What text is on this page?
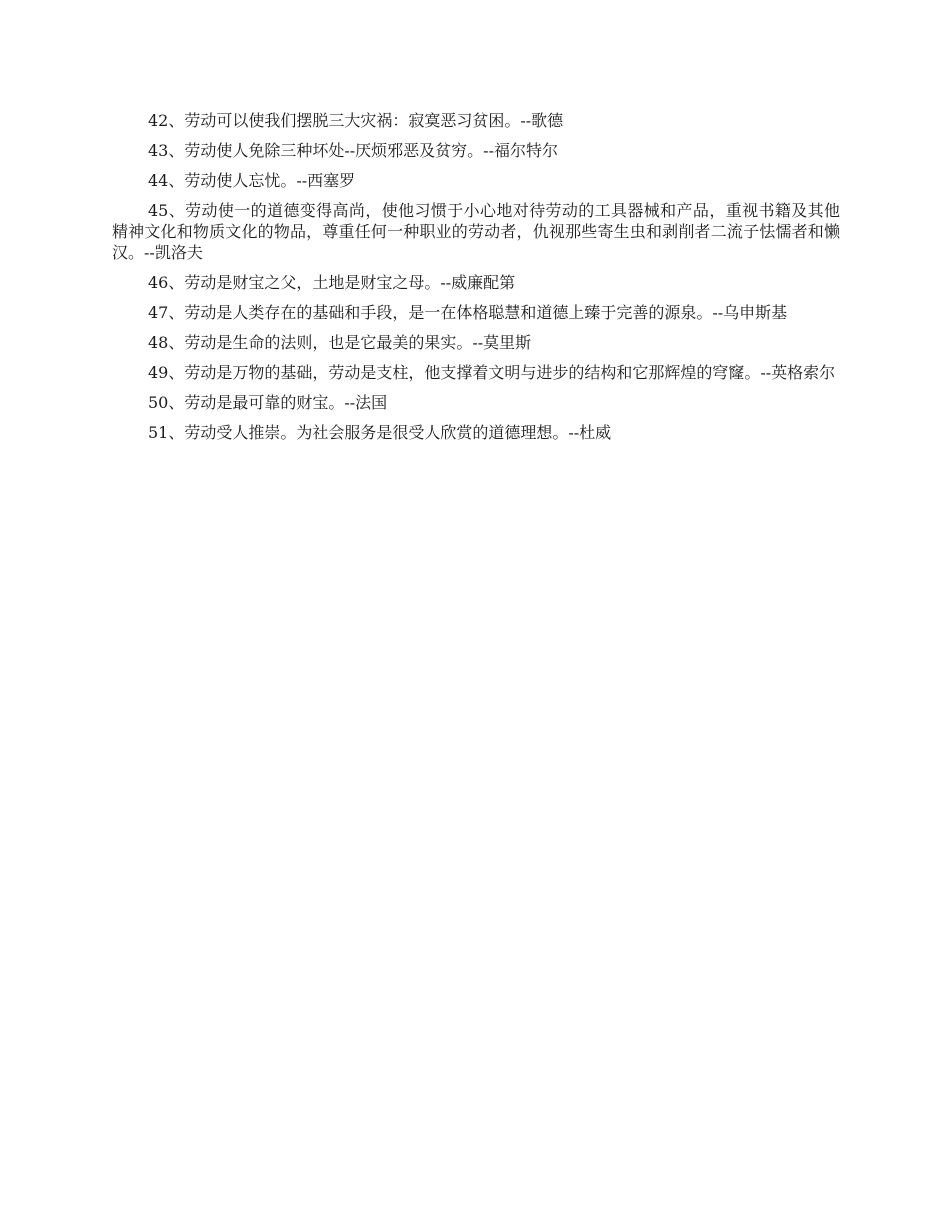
42、劳动可以使我们摆脱三大灾祸：寂寞恶习贫困。--歌德

43、劳动使人免除三种坏处--厌烦邪恶及贫穷。--福尔特尔

44、劳动使人忘忧。--西塞罗

45、劳动使一的道德变得高尚，使他习惯于小心地对待劳动的工具器械和产品，重视书籍及其他精神文化和物质文化的物品，尊重任何一种职业的劳动者，仇视那些寄生虫和剥削者二流子怯懦者和懒汉。--凯洛夫

46、劳动是财宝之父，土地是财宝之母。--威廉配第

47、劳动是人类存在的基础和手段，是一在体格聪慧和道德上臻于完善的源泉。--乌申斯基

48、劳动是生命的法则，也是它最美的果实。--莫里斯

49、劳动是万物的基础，劳动是支柱，他支撑着文明与进步的结构和它那辉煌的穹窿。--英格索尔

50、劳动是最可靠的财宝。--法国

51、劳动受人推崇。为社会服务是很受人欣赏的道德理想。--杜威
